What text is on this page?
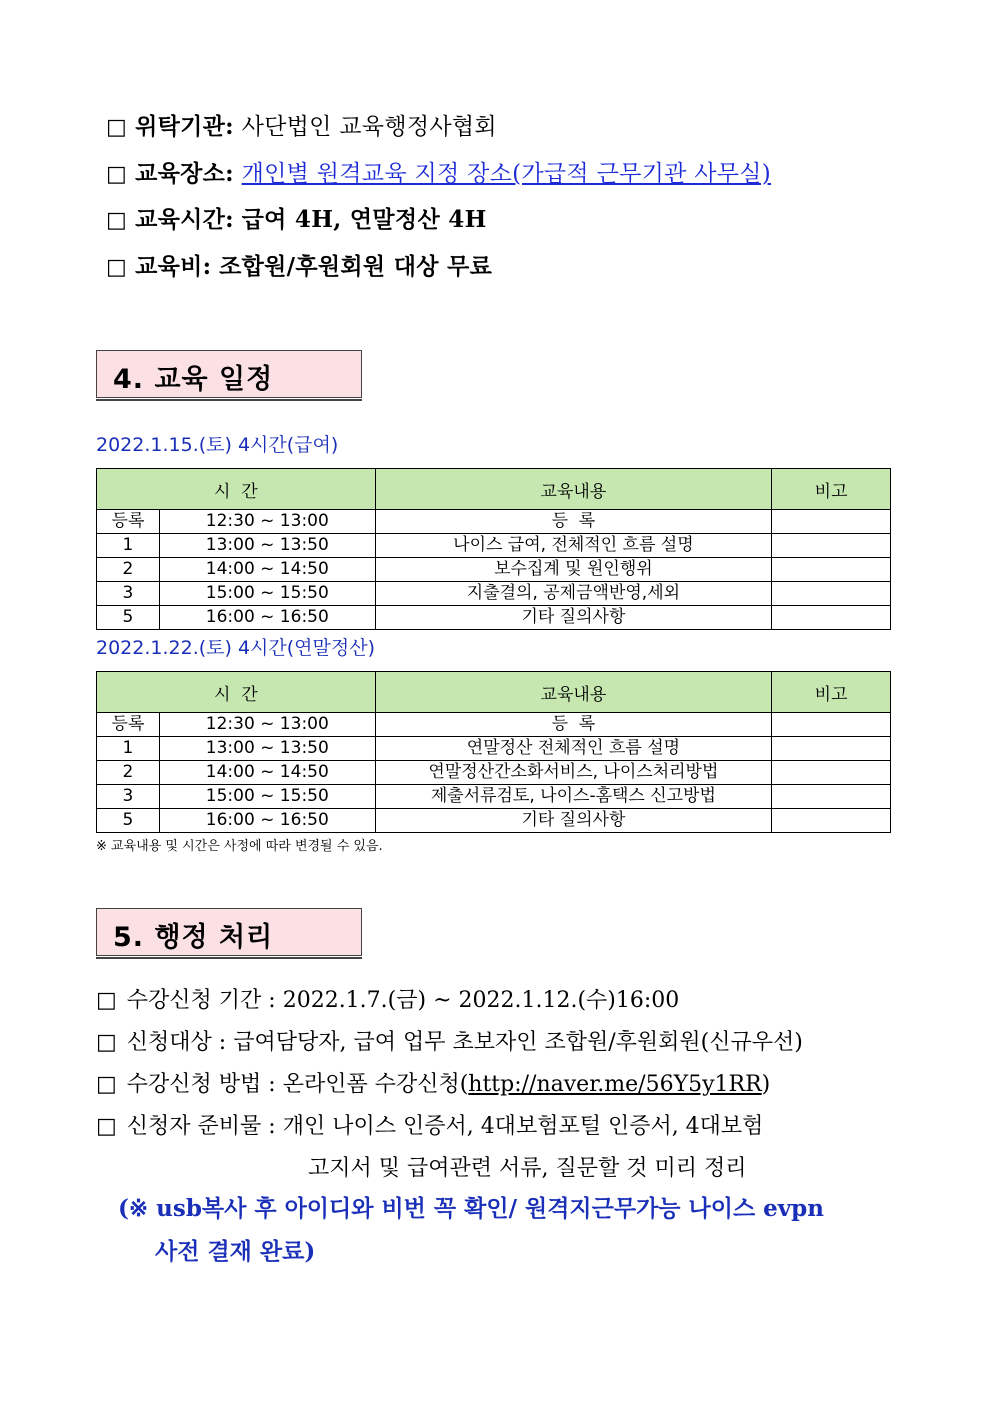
□ 위탁기관: 사단법인 교육행정사협회
□ 교육장소: 개인별 원격교육 지정 장소(가급적 근무기관 사무실)
□ 교육시간: 급여 4H, 연말정산 4H
□ 교육비: 조합원/후원회원 대상 무료
4. 교육 일정
2022.1.15.(토) 4시간(급여)
시  간		교육내용	비고
등록	12:30 ~ 13:00	등  록	
1	13:00 ~ 13:50	나이스 급여, 전체적인 흐름 설명	
2	14:00 ~ 14:50	보수집계 및 원인행위	
3	15:00 ~ 15:50	지출결의, 공제금액반영,세외	
5	16:00 ~ 16:50	기타 질의사항	
2022.1.22.(토) 4시간(연말정산)
시  간		교육내용	비고
등록	12:30 ~ 13:00	등  록	
1	13:00 ~ 13:50	연말정산 전체적인 흐름 설명	
2	14:00 ~ 14:50	연말정산간소화서비스, 나이스처리방법	
3	15:00 ~ 15:50	제출서류검토, 나이스-홈택스 신고방법	
5	16:00 ~ 16:50	기타 질의사항	
※ 교육내용 및 시간은 사정에 따라 변경될 수 있음.
5. 행정 처리
□ 수강신청 기간 : 2022.1.7.(금) ~ 2022.1.12.(수)16:00
□ 신청대상 : 급여담당자, 급여 업무 초보자인 조합원/후원회원(신규우선)
□ 수강신청 방법 : 온라인폼 수강신청(http://naver.me/56Y5y1RR)
□ 신청자 준비물 : 개인 나이스 인증서, 4대보험포털 인증서, 4대보험
고지서 및 급여관련 서류, 질문할 것 미리 정리
(※ usb복사 후 아이디와 비번 꼭 확인/ 원격지근무가능 나이스 evpn
사전 결재 완료)
